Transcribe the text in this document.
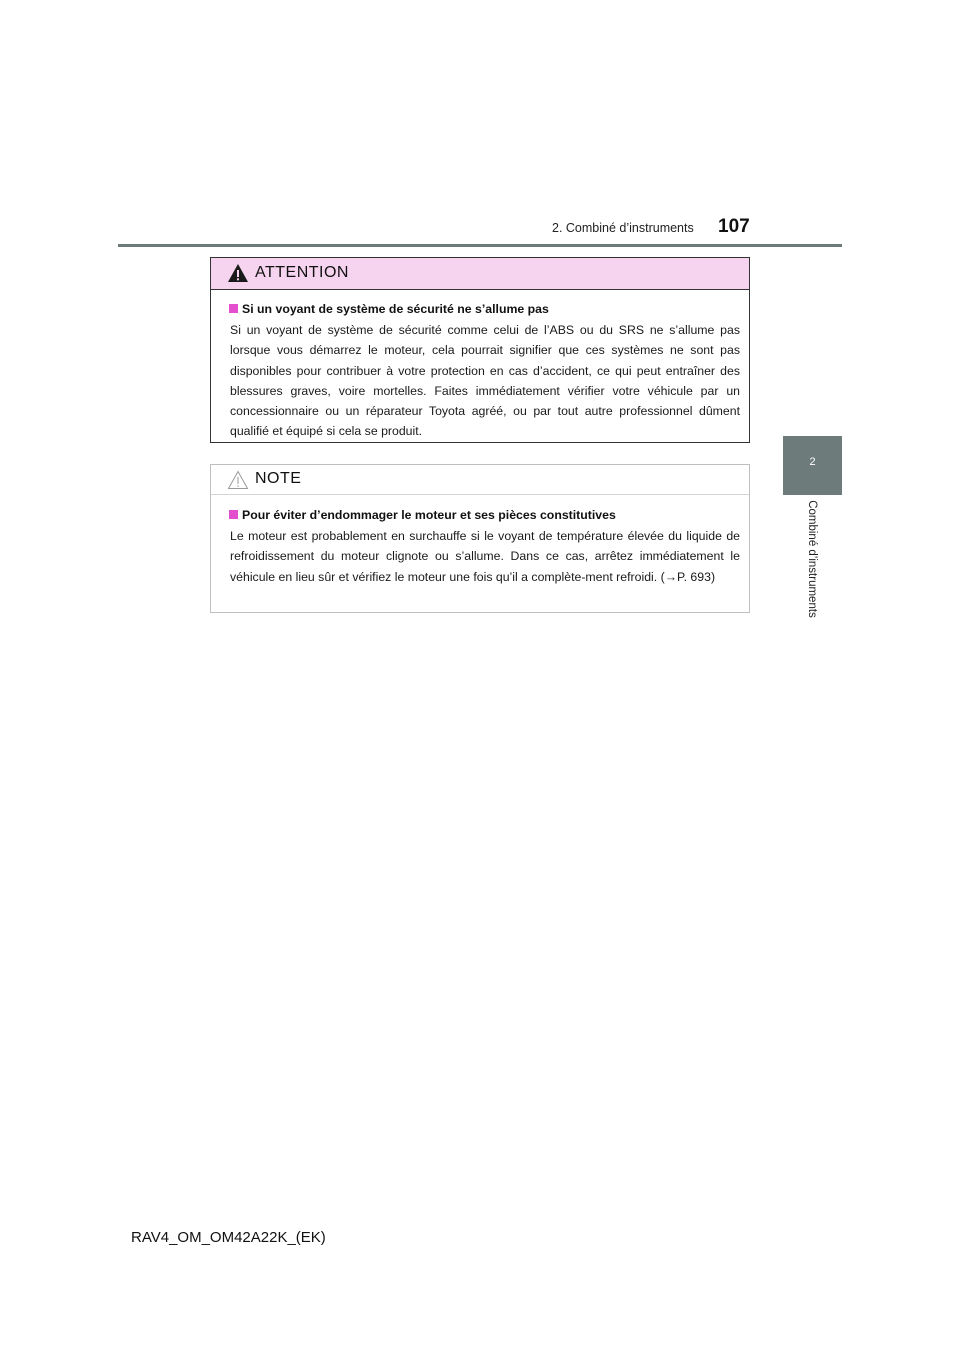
2. Combiné d’instruments 107
2
Combiné d’instruments
ATTENTION
Si un voyant de système de sécurité ne s’allume pas
Si un voyant de système de sécurité comme celui de l’ABS ou du SRS ne s’allume pas lorsque vous démarrez le moteur, cela pourrait signifier que ces systèmes ne sont pas disponibles pour contribuer à votre protection en cas d’accident, ce qui peut entraîner des blessures graves, voire mortelles. Faites immédiatement vérifier votre véhicule par un concessionnaire ou un réparateur Toyota agréé, ou par tout autre professionnel dûment qualifié et équipé si cela se produit.
NOTE
Pour éviter d’endommager le moteur et ses pièces constitutives
Le moteur est probablement en surchauffe si le voyant de température élevée du liquide de refroidissement du moteur clignote ou s’allume. Dans ce cas, arrêtez immédiatement le véhicule en lieu sûr et vérifiez le moteur une fois qu’il a complète-ment refroidi. (→P. 693)
RAV4_OM_OM42A22K_(EK)
